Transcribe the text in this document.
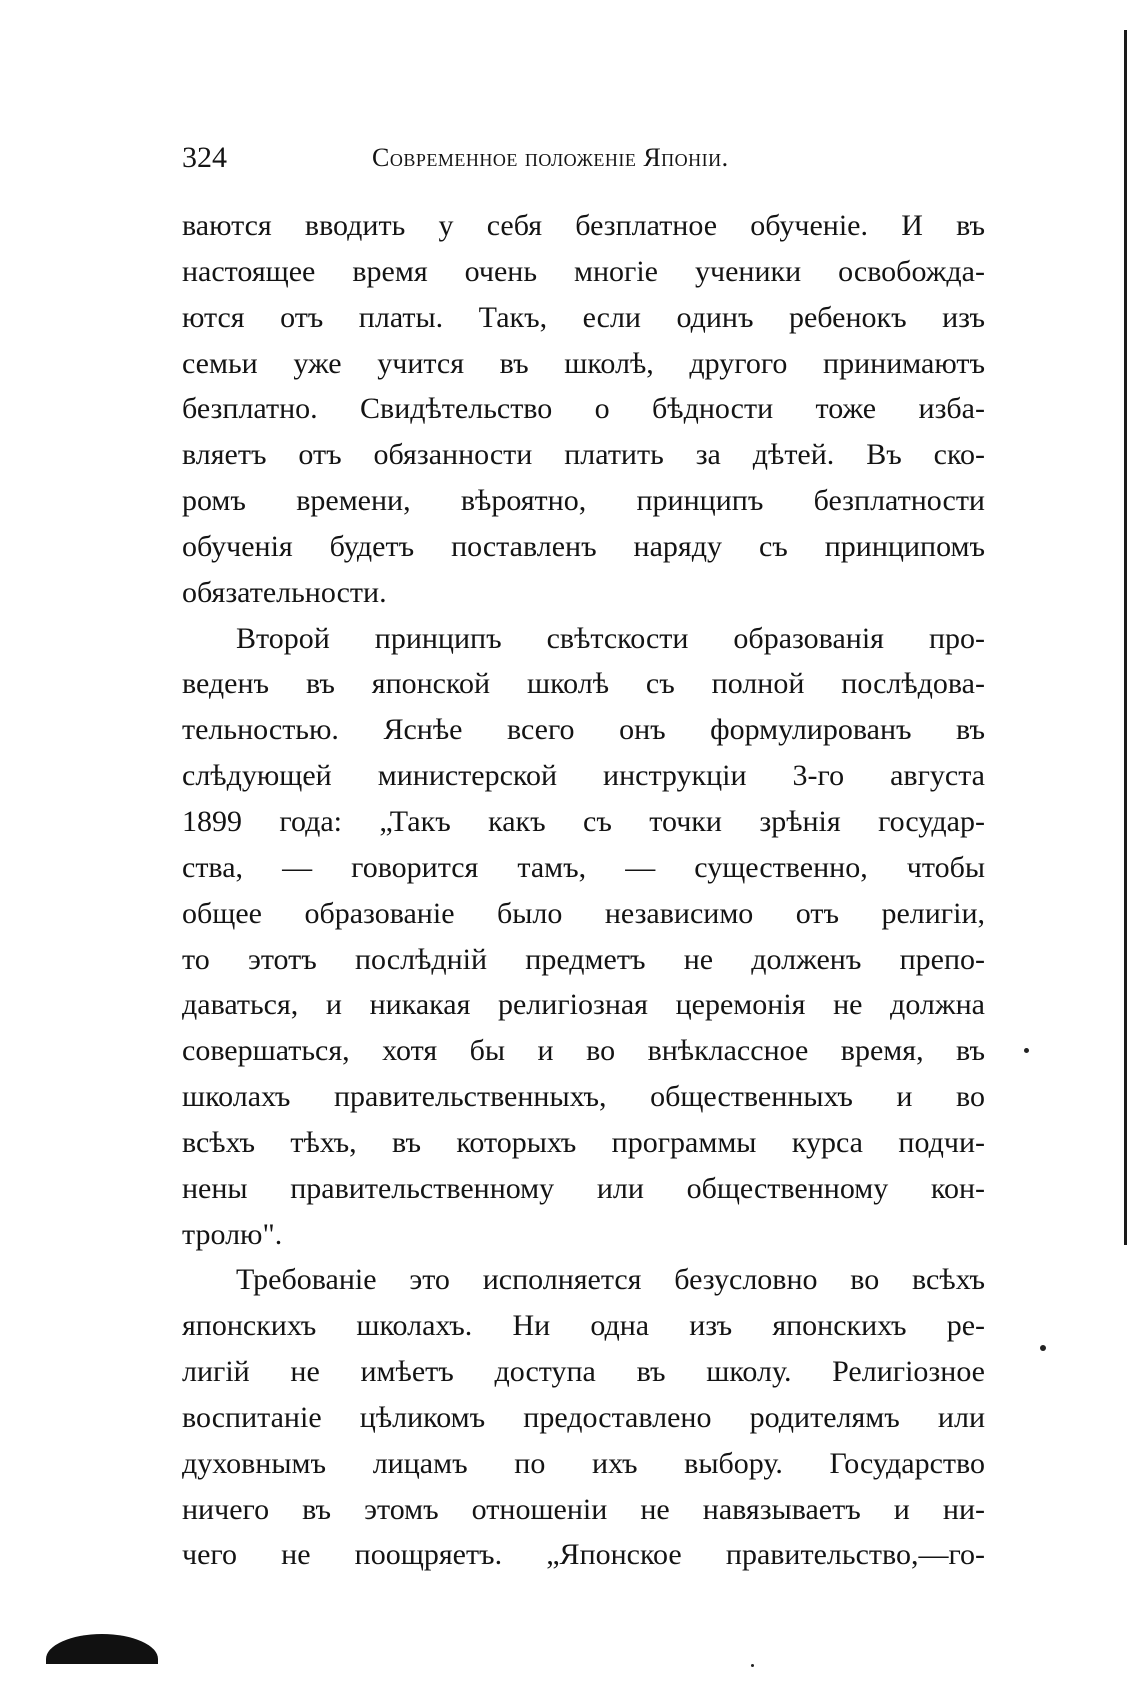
324	Современное положеніе Японіи.
ваются вводить у себя безплатное обученіе. И въ
настоящее время очень многіе ученики освобожда-
ются отъ платы. Такъ, если одинъ ребенокъ изъ
семьи уже учится въ школѣ, другого принимаютъ
безплатно. Свидѣтельство о бѣдности тоже изба-
вляетъ отъ обязанности платить за дѣтей. Въ ско-
ромъ времени, вѣроятно, принципъ безплатности
обученія будетъ поставленъ наряду съ принципомъ
обязательности.
Второй принципъ свѣтскости образованія про-
веденъ въ японской школѣ съ полной послѣдова-
тельностью. Яснѣе всего онъ формулированъ въ
слѣдующей министерской инструкціи 3-го августа
1899 года: „Такъ какъ съ точки зрѣнія государ-
ства, — говорится тамъ, — существенно, чтобы
общее образованіе было независимо отъ религіи,
то этотъ послѣдній предметъ не долженъ препо-
даваться, и никакая религіозная церемонія не должна
совершаться, хотя бы и во внѣклассное время, въ
школахъ правительственныхъ, общественныхъ и во
всѣхъ тѣхъ, въ которыхъ программы курса подчи-
нены правительственному или общественному кон-
тролю".
Требованіе это исполняется безусловно во всѣхъ
японскихъ школахъ. Ни одна изъ японскихъ ре-
лигій не имѣетъ доступа въ школу. Религіозное
воспитаніе цѣликомъ предоставлено родителямъ или
духовнымъ лицамъ по ихъ выбору. Государство
ничего въ этомъ отношеніи не навязываетъ и ни-
чего не поощряетъ. „Японское правительство,—го-
